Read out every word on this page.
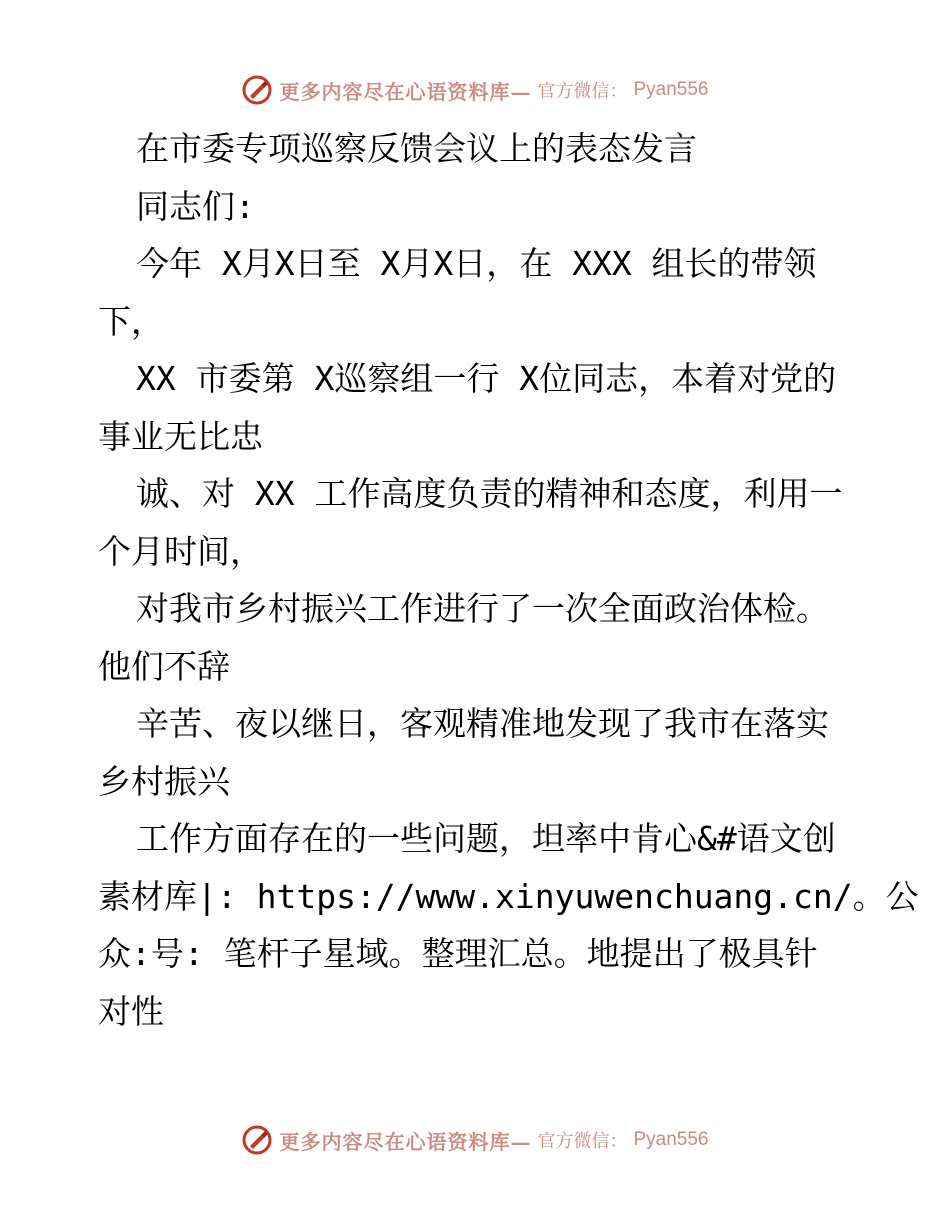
更多内容尽在心语资料库— 官方微信： Pyan556
在市委专项巡察反馈会议上的表态发言
同志们:
今年 X月X日至 X月X日，在 XXX 组长的带领
下，
XX 市委第 X巡察组一行 X位同志，本着对党的
事业无比忠
诚、对 XX 工作高度负责的精神和态度，利用一
个月时间，
对我市乡村振兴工作进行了一次全面政治体检。
他们不辞
辛苦、夜以继日，客观精准地发现了我市在落实
乡村振兴
工作方面存在的一些问题，坦率中肯心&#语文创
素材库|: https://www.xinyuwenchuang.cn/。公
众:号: 笔杆子星域。整理汇总。地提出了极具针
对性
更多内容尽在心语资料库— 官方微信： Pyan556
